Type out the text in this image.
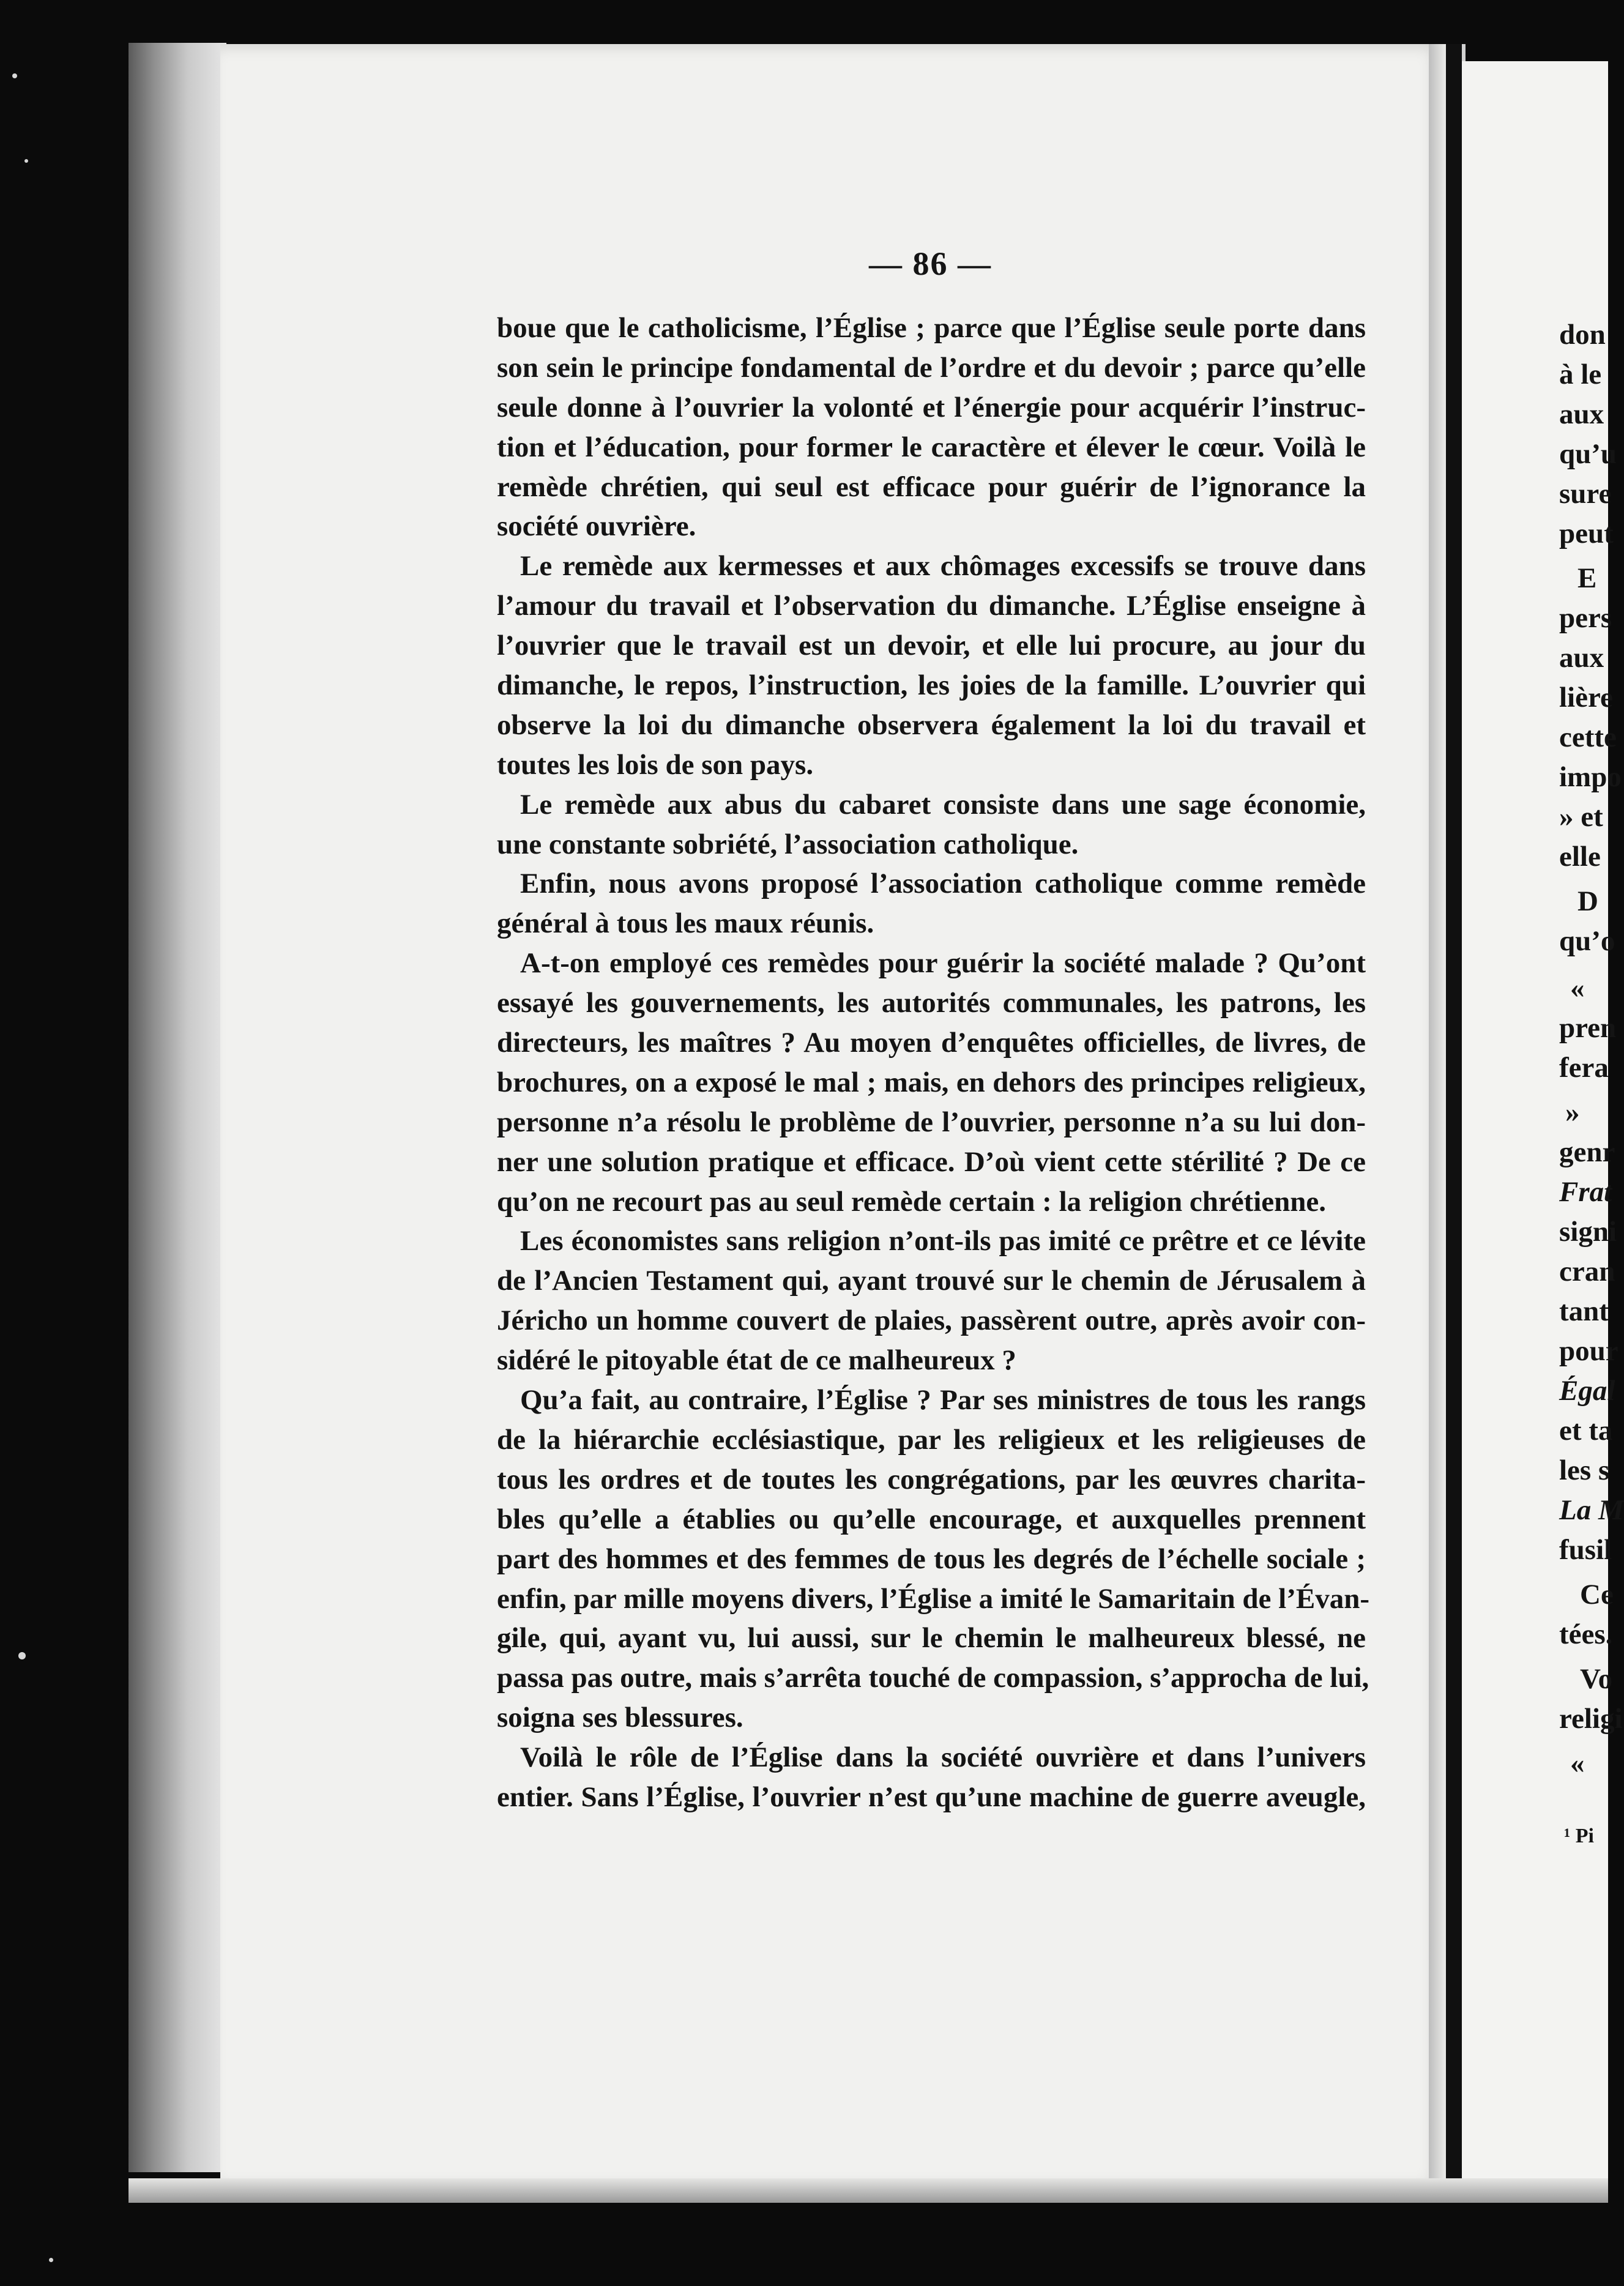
— 86 —
boue que le catholicisme, l’Église ; parce que l’Église seule porte dans
son sein le principe fondamental de l’ordre et du devoir ; parce qu’elle
seule donne à l’ouvrier la volonté et l’énergie pour acquérir l’instruc-
tion et l’éducation, pour former le caractère et élever le cœur. Voilà le
remède chrétien, qui seul est efficace pour guérir de l’ignorance la
société ouvrière.
Le remède aux kermesses et aux chômages excessifs se trouve dans
l’amour du travail et l’observation du dimanche. L’Église enseigne à
l’ouvrier que le travail est un devoir, et elle lui procure, au jour du
dimanche, le repos, l’instruction, les joies de la famille. L’ouvrier qui
observe la loi du dimanche observera également la loi du travail et
toutes les lois de son pays.
Le remède aux abus du cabaret consiste dans une sage économie,
une constante sobriété, l’association catholique.
Enfin, nous avons proposé l’association catholique comme remède
général à tous les maux réunis.
A-t-on employé ces remèdes pour guérir la société malade ? Qu’ont
essayé les gouvernements, les autorités communales, les patrons, les
directeurs, les maîtres ? Au moyen d’enquêtes officielles, de livres, de
brochures, on a exposé le mal ; mais, en dehors des principes religieux,
personne n’a résolu le problème de l’ouvrier, personne n’a su lui don-
ner une solution pratique et efficace. D’où vient cette stérilité ? De ce
qu’on ne recourt pas au seul remède certain : la religion chrétienne.
Les économistes sans religion n’ont-ils pas imité ce prêtre et ce lévite
de l’Ancien Testament qui, ayant trouvé sur le chemin de Jérusalem à
Jéricho un homme couvert de plaies, passèrent outre, après avoir con-
sidéré le pitoyable état de ce malheureux ?
Qu’a fait, au contraire, l’Église ? Par ses ministres de tous les rangs
de la hiérarchie ecclésiastique, par les religieux et les religieuses de
tous les ordres et de toutes les congrégations, par les œuvres charita-
bles qu’elle a établies ou qu’elle encourage, et auxquelles prennent
part des hommes et des femmes de tous les degrés de l’échelle sociale ;
enfin, par mille moyens divers, l’Église a imité le Samaritain de l’Évan-
gile, qui, ayant vu, lui aussi, sur le chemin le malheureux blessé, ne
passa pas outre, mais s’arrêta touché de compassion, s’approcha de lui,
soigna ses blessures.
Voilà le rôle de l’Église dans la société ouvrière et dans l’univers
entier. Sans l’Église, l’ouvrier n’est qu’une machine de guerre aveugle,
don
à le
aux
qu’u
sure
peut
E
pers
aux
lière
cette
impo
» et
elle
D
qu’o
«
pren
fera
»
genr
Frat
signi
cran
tant
pour
Égal
et ta
les s
La M
fusil
Ce
tées.
Vo
religi
«
¹ Pi
